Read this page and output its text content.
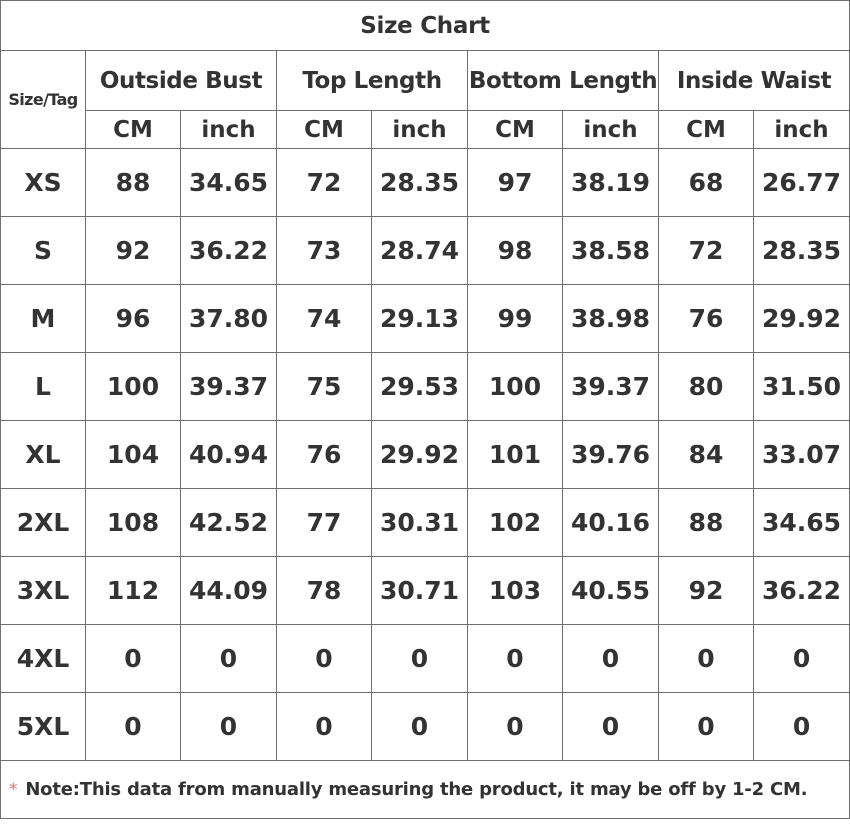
Size Chart								
Size/Tag	Outside Bust		Top Length		Bottom Length		Inside Waist	
	CM	inch	CM	inch	CM	inch	CM	inch
XS	88	34.65	72	28.35	97	38.19	68	26.77
S	92	36.22	73	28.74	98	38.58	72	28.35
M	96	37.80	74	29.13	99	38.98	76	29.92
L	100	39.37	75	29.53	100	39.37	80	31.50
XL	104	40.94	76	29.92	101	39.76	84	33.07
2XL	108	42.52	77	30.31	102	40.16	88	34.65
3XL	112	44.09	78	30.71	103	40.55	92	36.22
4XL	0	0	0	0	0	0	0	0
5XL	0	0	0	0	0	0	0	0
* Note:This data from manually measuring the product, it may be off by 1-2 CM.								
